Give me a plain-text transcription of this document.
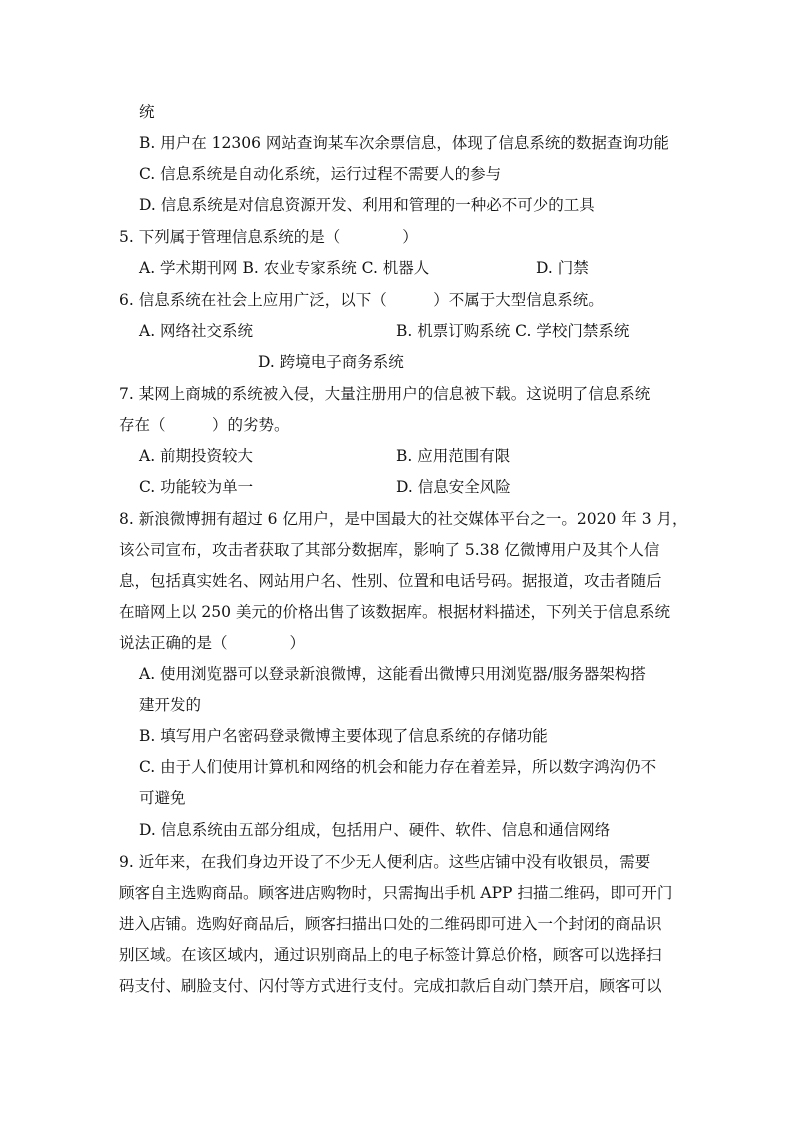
统
B. 用户在 12306 网站查询某车次余票信息，体现了信息系统的数据查询功能
C. 信息系统是自动化系统，运行过程不需要人的参与
D. 信息系统是对信息资源开发、利用和管理的一种必不可少的工具
5. 下列属于管理信息系统的是（　　　　）
A. 学术期刊网 B. 农业专家系统 C. 机器人	D. 门禁
6. 信息系统在社会上应用广泛，以下（　　　）不属于大型信息系统。
A. 网络社交系统	B. 机票订购系统 C. 学校门禁系统
D. 跨境电子商务系统
7. 某网上商城的系统被入侵，大量注册用户的信息被下载。这说明了信息系统
存在（　　　）的劣势。
A. 前期投资较大	B. 应用范围有限
C. 功能较为单一	D. 信息安全风险
8. 新浪微博拥有超过 6 亿用户，是中国最大的社交媒体平台之一。2020 年 3 月，
该公司宣布，攻击者获取了其部分数据库，影响了 5.38 亿微博用户及其个人信
息，包括真实姓名、网站用户名、性别、位置和电话号码。据报道，攻击者随后
在暗网上以 250 美元的价格出售了该数据库。根据材料描述，下列关于信息系统
说法正确的是（　　　　）
A. 使用浏览器可以登录新浪微博，这能看出微博只用浏览器/服务器架构搭
建开发的
B. 填写用户名密码登录微博主要体现了信息系统的存储功能
C. 由于人们使用计算机和网络的机会和能力存在着差异，所以数字鸿沟仍不
可避免
D. 信息系统由五部分组成，包括用户、硬件、软件、信息和通信网络
9. 近年来，在我们身边开设了不少无人便利店。这些店铺中没有收银员，需要
顾客自主选购商品。顾客进店购物时，只需掏出手机 APP 扫描二维码，即可开门
进入店铺。选购好商品后，顾客扫描出口处的二维码即可进入一个封闭的商品识
别区域。在该区域内，通过识别商品上的电子标签计算总价格，顾客可以选择扫
码支付、刷脸支付、闪付等方式进行支付。完成扣款后自动门禁开启，顾客可以
